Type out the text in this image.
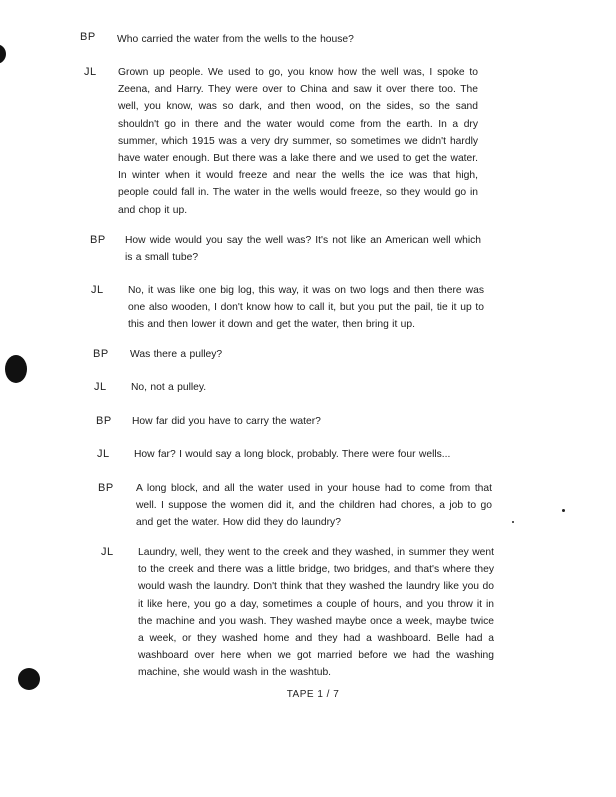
BP Who carried the water from the wells to the house?
JL Grown up people. We used to go, you know how the well was, I spoke to Zeena, and Harry. They were over to China and saw it over there too. The well, you know, was so dark, and then wood, on the sides, so the sand shouldn't go in there and the water would come from the earth. In a dry summer, which 1915 was a very dry summer, so sometimes we didn't hardly have water enough. But there was a lake there and we used to get the water. In winter when it would freeze and near the wells the ice was that high, people could fall in. The water in the wells would freeze, so they would go in and chop it up.
BP How wide would you say the well was? It's not like an American well which is a small tube?
JL No, it was like one big log, this way, it was on two logs and then there was one also wooden, I don't know how to call it, but you put the pail, tie it up to this and then lower it down and get the water, then bring it up.
BP Was there a pulley?
JL No, not a pulley.
BP How far did you have to carry the water?
JL How far? I would say a long block, probably. There were four wells...
BP A long block, and all the water used in your house had to come from that well. I suppose the women did it, and the children had chores, a job to go and get the water. How did they do laundry?
JL Laundry, well, they went to the creek and they washed, in summer they went to the creek and there was a little bridge, two bridges, and that's where they would wash the laundry. Don't think that they washed the laundry like you do it like here, you go a day, sometimes a couple of hours, and you throw it in the machine and you wash. They washed maybe once a week, maybe twice a week, or they washed home and they had a washboard. Belle had a washboard over here when we got married before we had the washing machine, she would wash in the washtub.
TAPE 1 / 7
